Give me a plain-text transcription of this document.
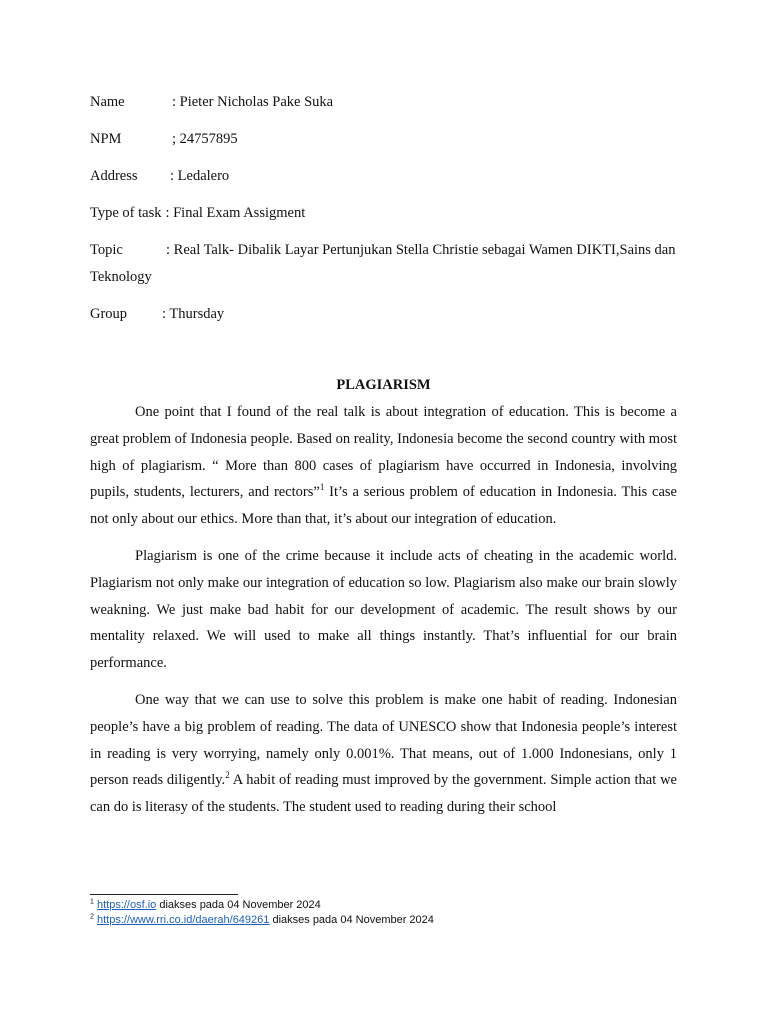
Name	: Pieter Nicholas Pake Suka
NPM	; 24757895
Address	: Ledalero
Type of task : Final Exam Assigment
Topic	: Real Talk- Dibalik Layar Pertunjukan Stella Christie sebagai Wamen DIKTI,Sains dan Teknology
Group	: Thursday
PLAGIARISM

One point that I found of the real talk is about integration of education. This is become a great problem of Indonesia people. Based on reality, Indonesia become the second country with most high of plagiarism. “ More than 800 cases of plagiarism have occurred in Indonesia, involving pupils, students, lecturers, and rectors”$^1$ It’s a serious problem of education in Indonesia. This case not only about our ethics. More than that, it’s about our integration of education.

Plagiarism is one of the crime because it include acts of cheating in the academic world. Plagiarism not only make our integration of education so low. Plagiarism also make our brain slowly weakning. We just make bad habit for our development of academic. The result shows by our mentality relaxed. We will used to make all things instantly. That’s influential for our brain performance.

One way that we can use to solve this problem is make one habit of reading. Indonesian people’s have a big problem of reading. The data of UNESCO show that Indonesia people’s interest in reading is very worrying, namely only 0.001%. That means, out of 1.000 Indonesians, only 1 person reads diligently.$^2$ A habit of reading must improved by the government. Simple action that we can do is literasy of the students. The student used to reading during their school

$^1$ https://osf.io diakses pada 04 November 2024
$^2$ https://www.rri.co.id/daerah/649261 diakses pada 04 November 2024
